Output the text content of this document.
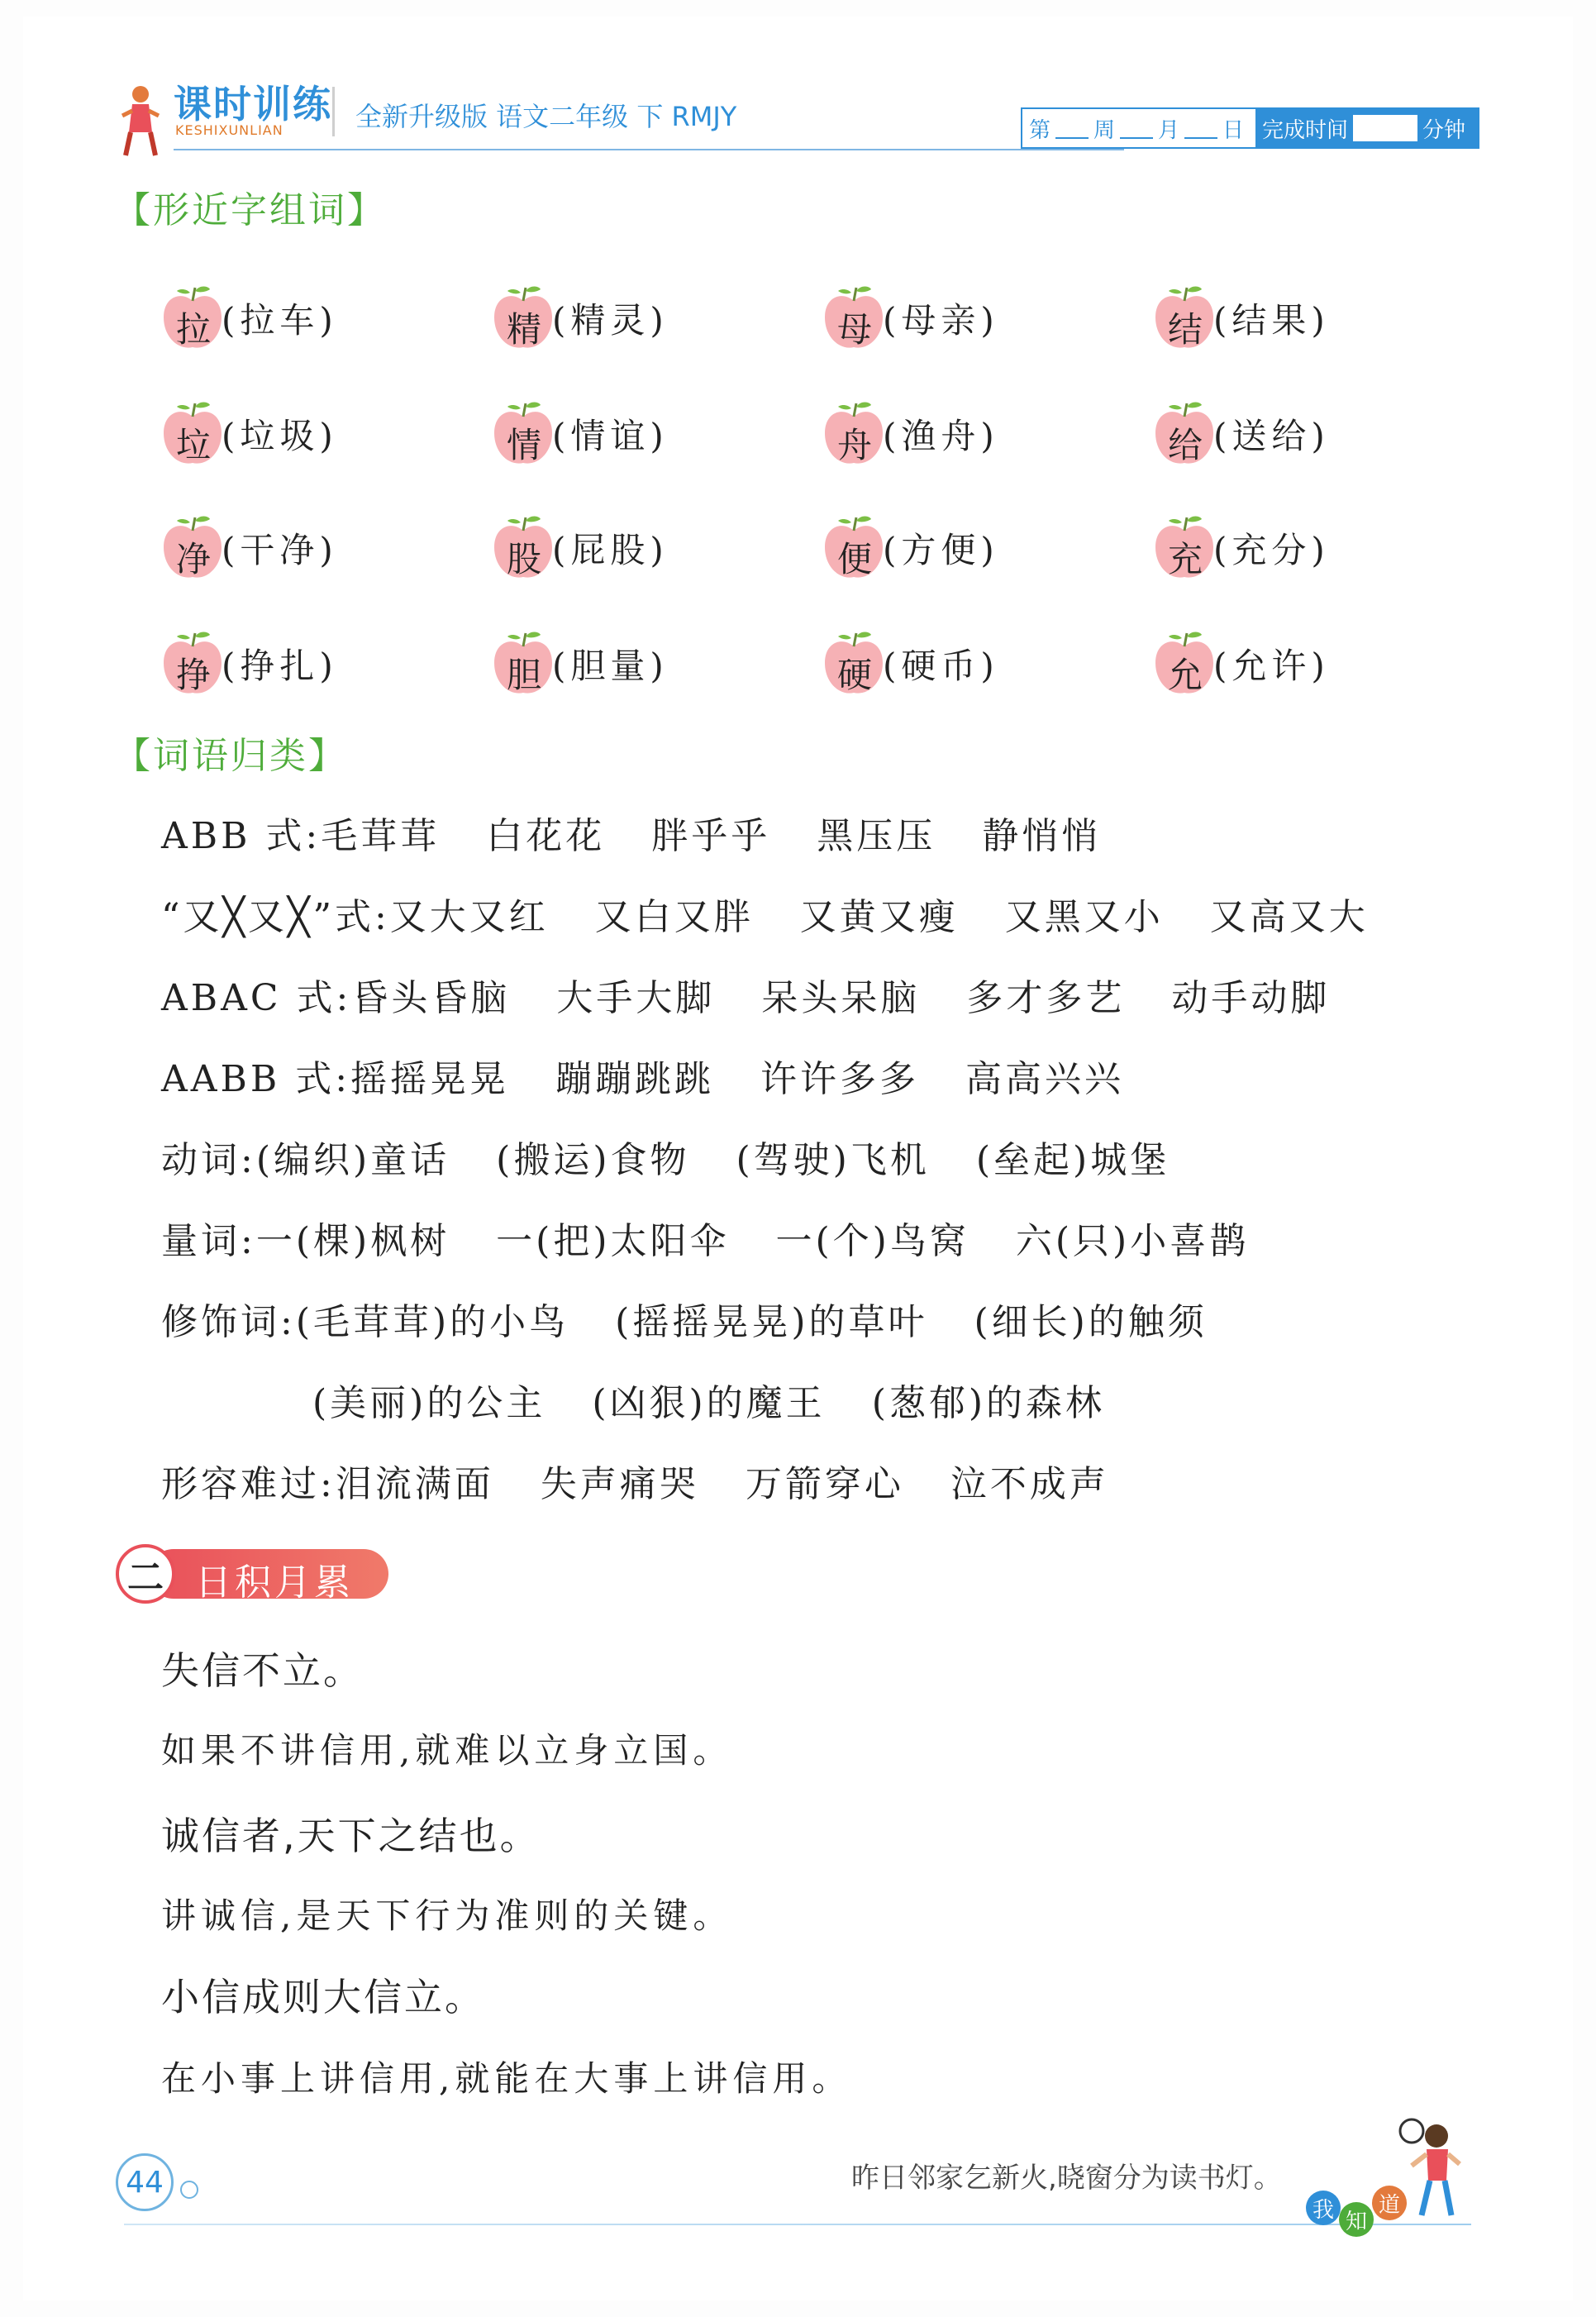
课时训练
KESHIXUNLIAN	全新升级版 语文二年级 下 RMJY	第 周 月 日 完成时间	分钟
【形近字组词】
拉 (拉车)	精 (精灵)	母 (母亲)	结 (结果)
垃 (垃圾)	情 (情谊)	舟 (渔舟)	给 (送给)
净 (干净)	股 (屁股)	便 (方便)	充 (充分)
挣 (挣扎)	胆 (胆量)	硬 (硬币)	允 (允许)
【词语归类】
ABB 式:毛茸茸 白花花 胖乎乎 黑压压 静悄悄
“又╳又╳”式:又大又红 又白又胖 又黄又瘦 又黑又小 又高又大
ABAC 式:昏头昏脑 大手大脚 呆头呆脑 多才多艺 动手动脚
AABB 式:摇摇晃晃 蹦蹦跳跳 许许多多 高高兴兴
动词:(编织)童话 (搬运)食物 (驾驶)飞机 (垒起)城堡
量词:一(棵)枫树 一(把)太阳伞 一(个)鸟窝 六(只)小喜鹊
修饰词:(毛茸茸)的小鸟 (摇摇晃晃)的草叶 (细长)的触须
(美丽)的公主 (凶狠)的魔王 (葱郁)的森林
形容难过:泪流满面 失声痛哭 万箭穿心 泣不成声
二 日积月累
失信不立。
如果不讲信用,就难以立身立国。
诚信者,天下之结也。
讲诚信,是天下行为准则的关键。
小信成则大信立。
在小事上讲信用,就能在大事上讲信用。
44	昨日邻家乞新火,晓窗分为读书灯。
我 知
道
